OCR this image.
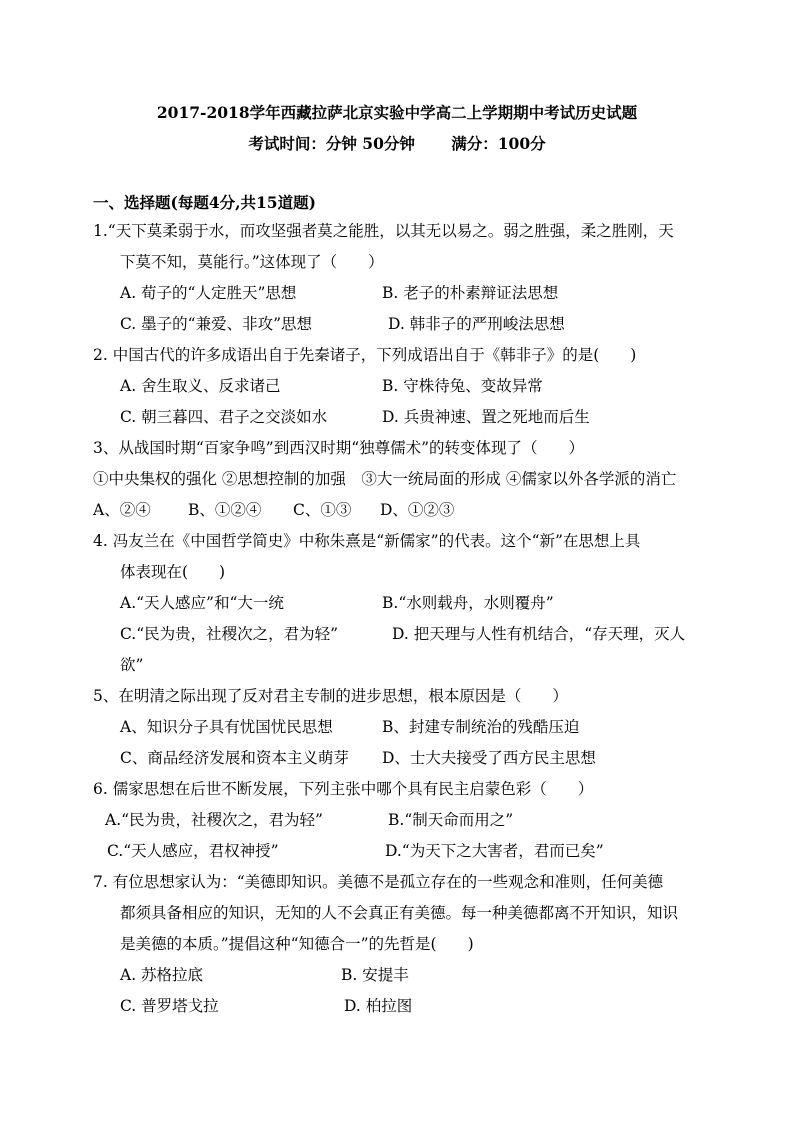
2017-2018学年西藏拉萨北京实验中学高二上学期期中考试历史试题
考试时间：分钟 50分钟　　 满分：100分
一、选择题(每题4分,共15道题)
1.“天下莫柔弱于水，而攻坚强者莫之能胜，以其无以易之。弱之胜强，柔之胜刚，天
下莫不知，莫能行。”这体现了（　　）
A. 荀子的“人定胜天”思想	B. 老子的朴素辩证法思想
C. 墨子的“兼爱、非攻”思想	D. 韩非子的严刑峻法思想
2. 中国古代的许多成语出自于先秦诸子，下列成语出自于《韩非子》的是(　　)
A. 舍生取义、反求诸己	B. 守株待兔、变故异常
C. 朝三暮四、君子之交淡如水	D. 兵贵神速、置之死地而后生
3、从战国时期“百家争鸣”到西汉时期“独尊儒术”的转变体现了（　　）
①中央集权的强化 ②思想控制的加强　③大一统局面的形成 ④儒家以外各学派的消亡
A、②④ B、①②④ C、①③ D、①②③
4. 冯友兰在《中国哲学简史》中称朱熹是“新儒家”的代表。这个“新”在思想上具
体表现在(　　)
A.“天人感应”和“大一统	B.“水则载舟，水则覆舟”
C.“民为贵，社稷次之，君为轻”	D. 把天理与人性有机结合，“存天理，灭人
欲”
5、在明清之际出现了反对君主专制的进步思想，根本原因是（　　）
A、知识分子具有忧国忧民思想	B、封建专制统治的残酷压迫
C、商品经济发展和资本主义萌芽 D、士大夫接受了西方民主思想
6. 儒家思想在后世不断发展，下列主张中哪个具有民主启蒙色彩（　　）
A.“民为贵，社稷次之，君为轻”	B.“制天命而用之”
C.“天人感应，君权神授”	D.“为天下之大害者，君而已矣”
7. 有位思想家认为：“美德即知识。美德不是孤立存在的一些观念和准则，任何美德
都须具备相应的知识，无知的人不会真正有美德。每一种美德都离不开知识，知识
是美德的本质。”提倡这种“知德合一”的先哲是(　　)
A. 苏格拉底	B. 安提丰
C. 普罗塔戈拉	D. 柏拉图
